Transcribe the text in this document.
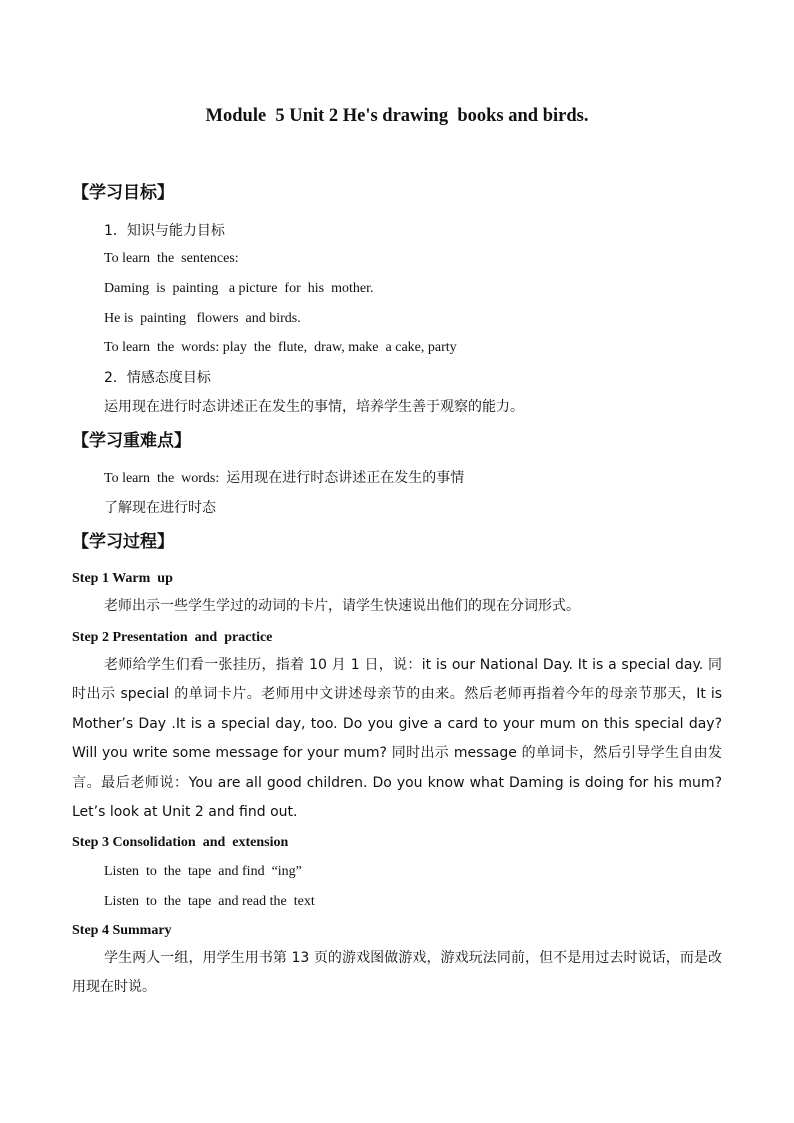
Module  5 Unit 2 He's drawing  books and birds.
【学习目标】
1．知识与能力目标
To learn  the  sentences:
Daming  is  painting   a picture  for  his  mother.
He is  painting   flowers  and birds.
To learn  the  words: play  the  flute,  draw, make  a cake, party
2．情感态度目标
运用现在进行时态讲述正在发生的事情，培养学生善于观察的能力。
【学习重难点】
To learn  the  words:  运用现在进行时态讲述正在发生的事情
了解现在进行时态
【学习过程】
Step 1 Warm  up
老师出示一些学生学过的动词的卡片，请学生快速说出他们的现在分词形式。
Step 2 Presentation  and  practice
老师给学生们看一张挂历，指着 10 月 1 日，说：it is our National Day. It is a special day. 同时出示 special 的单词卡片。老师用中文讲述母亲节的由来。然后老师再指着今年的母亲节那天，It is Mother’s Day .It is a special day, too. Do you give a card to your mum on this special day? Will you write some message for your mum? 同时出示 message 的单词卡，然后引导学生自由发言。最后老师说：You are all good children. Do you know what Daming is doing for his mum? Let’s look at Unit 2 and find out.
Step 3 Consolidation  and  extension
Listen  to  the  tape  and find  “ing”
Listen  to  the  tape  and read the  text
Step 4 Summary
学生两人一组，用学生用书第 13 页的游戏图做游戏，游戏玩法同前，但不是用过去时说话，而是改用现在时说。
